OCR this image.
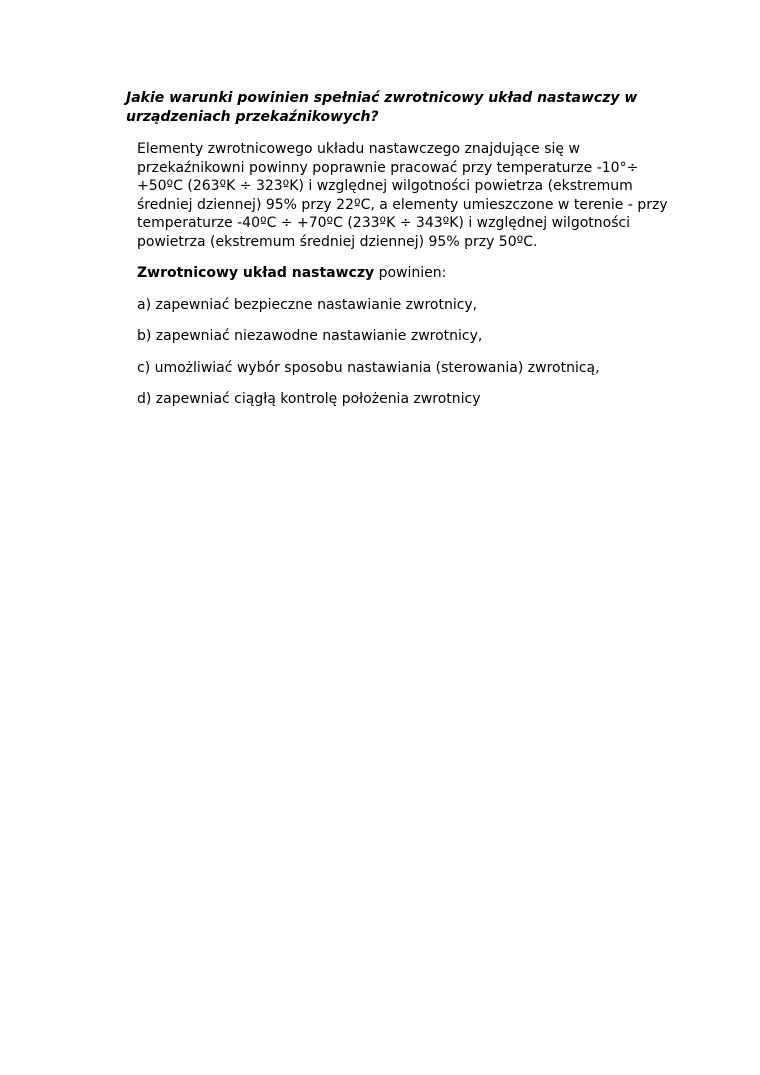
Jakie warunki powinien spełniać zwrotnicowy układ nastawczy w urządzeniach przekaźnikowych?

Elementy zwrotnicowego układu nastawczego znajdujące się w
przekaźnikowni powinny poprawnie pracować przy temperaturze -10°÷
+50ºC (263ºK ÷ 323ºK) i względnej wilgotności powietrza (ekstremum
średniej dziennej) 95% przy 22ºC, a elementy umieszczone w terenie - przy
temperaturze -40ºC ÷ +70ºC (233ºK ÷ 343ºK) i względnej wilgotności
powietrza (ekstremum średniej dziennej) 95% przy 50ºC.

Zwrotnicowy układ nastawczy powinien:

a) zapewniać bezpieczne nastawianie zwrotnicy,

b) zapewniać niezawodne nastawianie zwrotnicy,

c) umożliwiać wybór sposobu nastawiania (sterowania) zwrotnicą,

d) zapewniać ciągłą kontrolę położenia zwrotnicy
